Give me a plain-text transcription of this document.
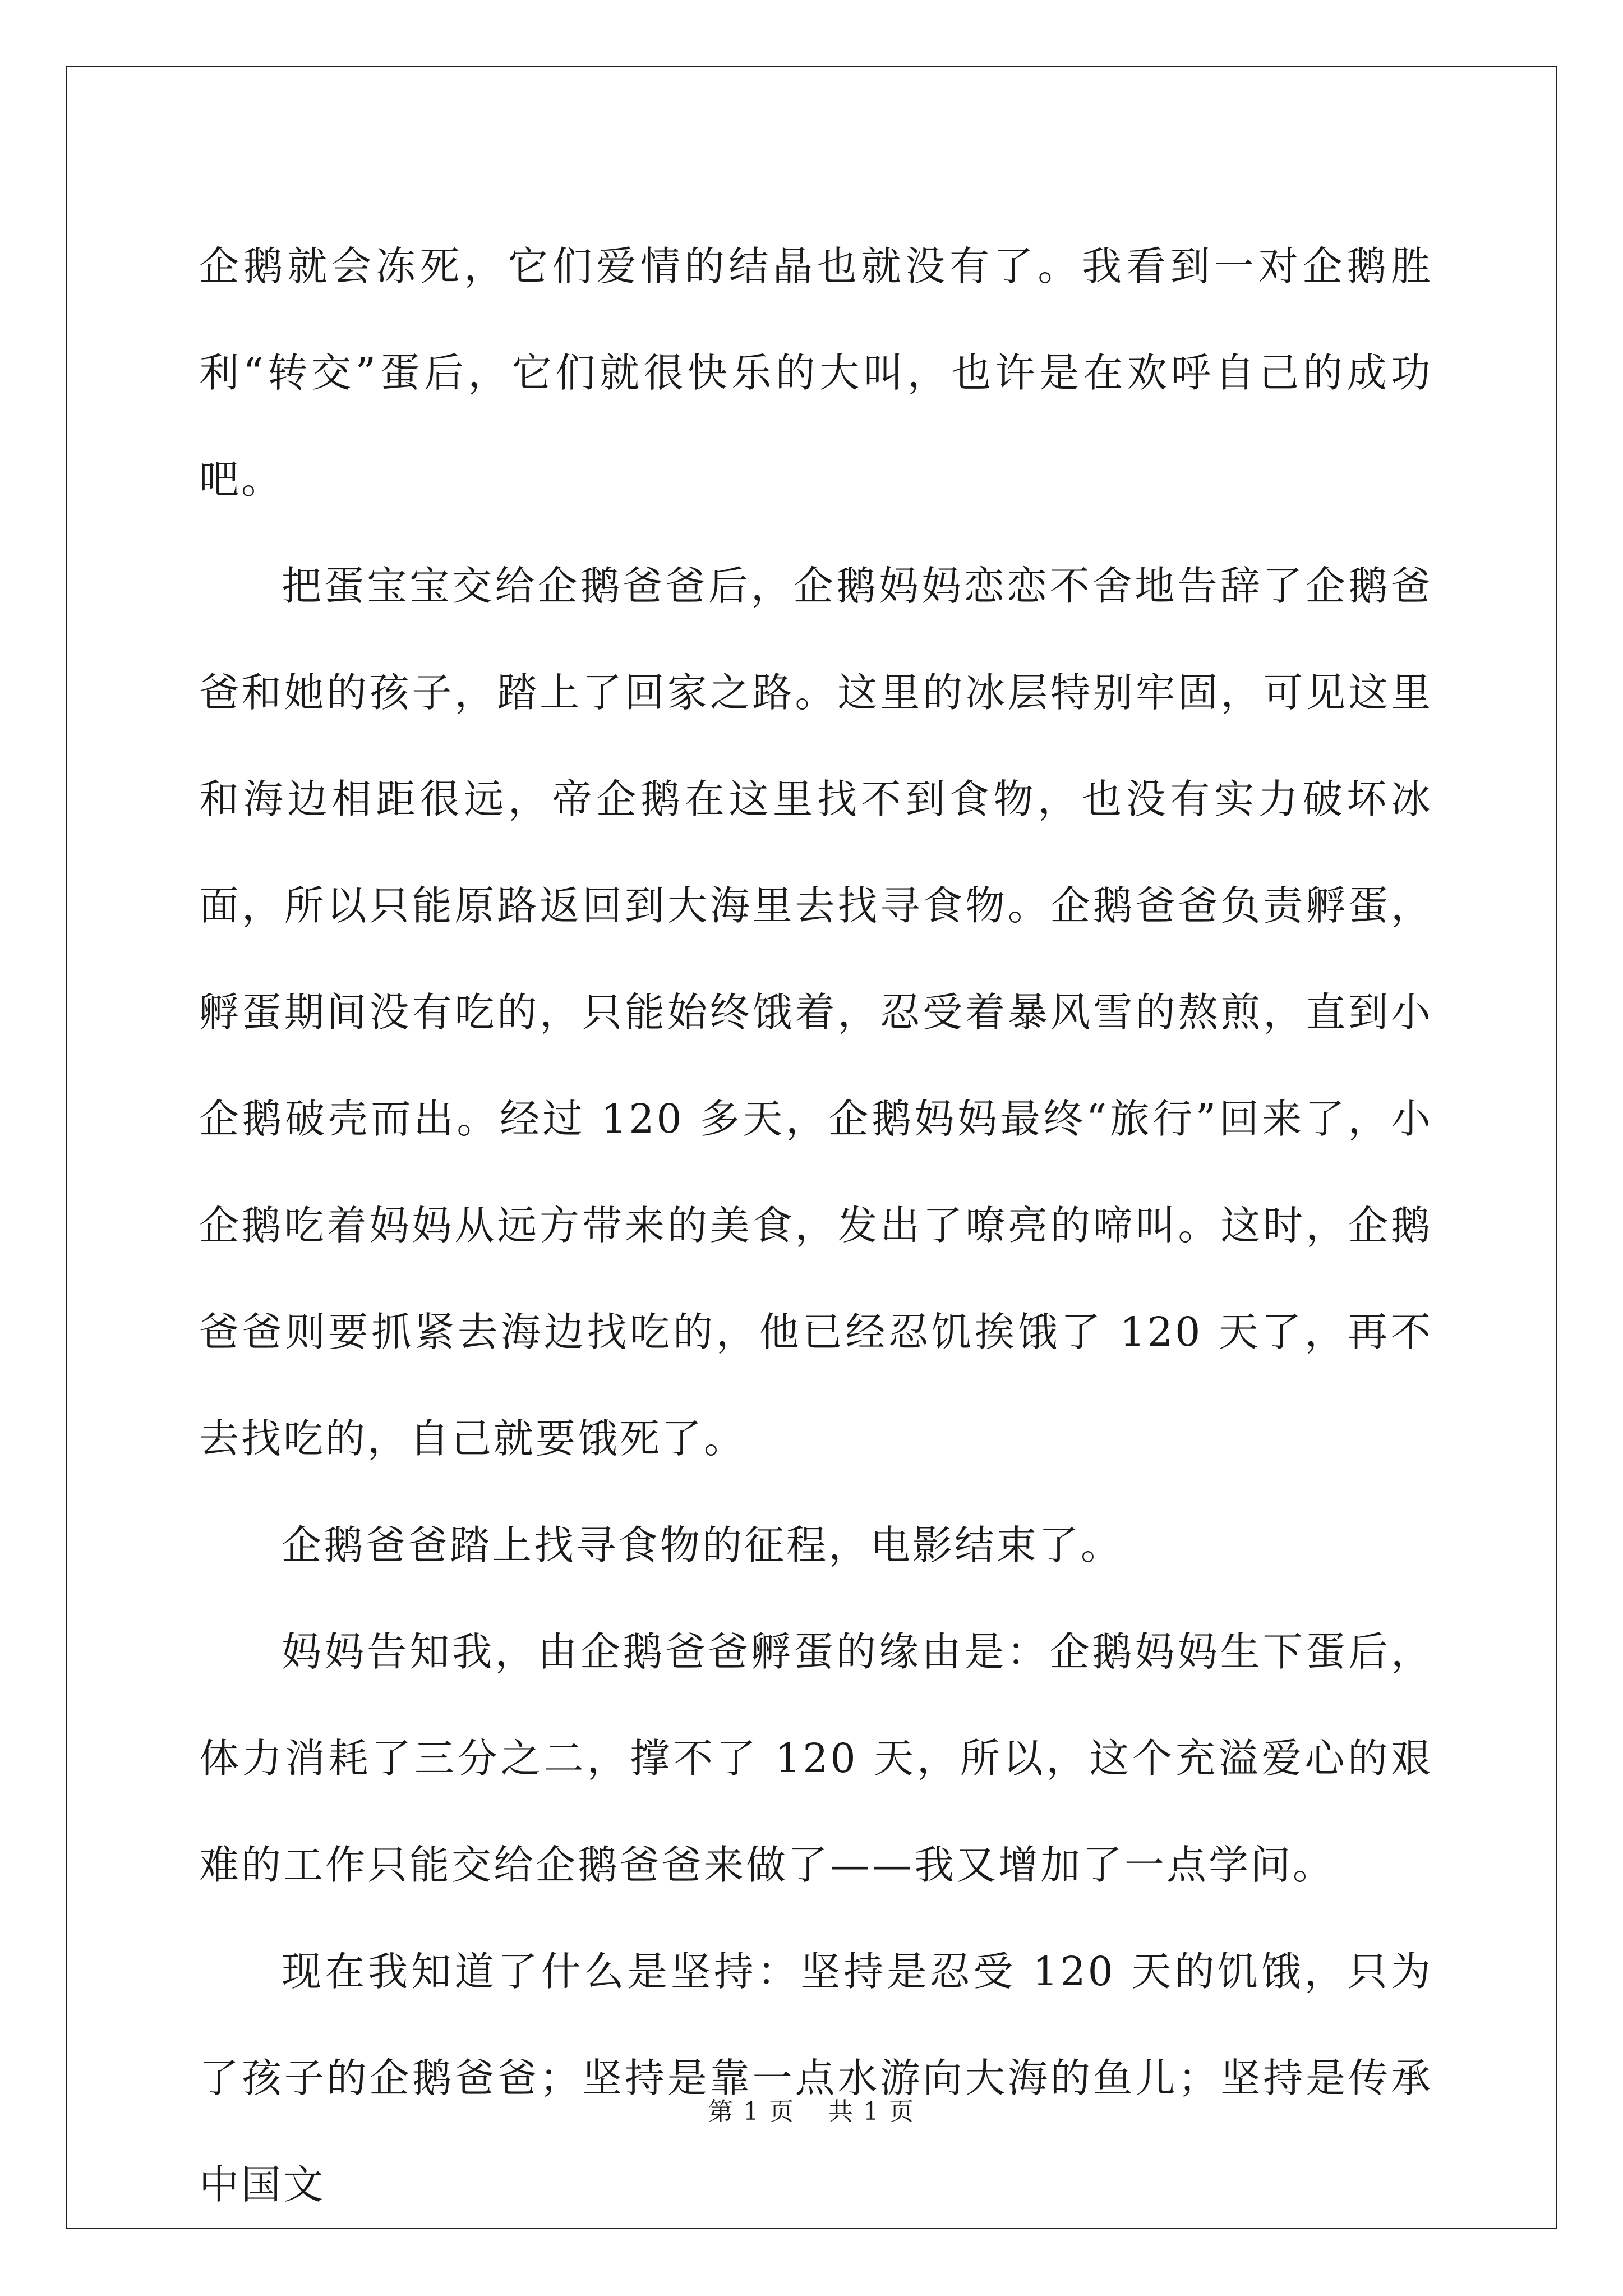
企鹅就会冻死，它们爱情的结晶也就没有了。我看到一对企鹅胜利“转交”蛋后，它们就很快乐的大叫，也许是在欢呼自己的成功吧。

把蛋宝宝交给企鹅爸爸后，企鹅妈妈恋恋不舍地告辞了企鹅爸爸和她的孩子，踏上了回家之路。这里的冰层特别牢固，可见这里和海边相距很远，帝企鹅在这里找不到食物，也没有实力破坏冰面，所以只能原路返回到大海里去找寻食物。企鹅爸爸负责孵蛋，孵蛋期间没有吃的，只能始终饿着，忍受着暴风雪的熬煎，直到小企鹅破壳而出。经过 120 多天，企鹅妈妈最终“旅行”回来了，小企鹅吃着妈妈从远方带来的美食，发出了嘹亮的啼叫。这时，企鹅爸爸则要抓紧去海边找吃的，他已经忍饥挨饿了 120 天了，再不去找吃的，自己就要饿死了。

企鹅爸爸踏上找寻食物的征程，电影结束了。

妈妈告知我，由企鹅爸爸孵蛋的缘由是：企鹅妈妈生下蛋后，体力消耗了三分之二，撑不了 120 天，所以，这个充溢爱心的艰难的工作只能交给企鹅爸爸来做了——我又增加了一点学问。

现在我知道了什么是坚持：坚持是忍受 120 天的饥饿，只为了孩子的企鹅爸爸；坚持是靠一点水游向大海的鱼儿；坚持是传承中国文

第 1 页 共 1 页
